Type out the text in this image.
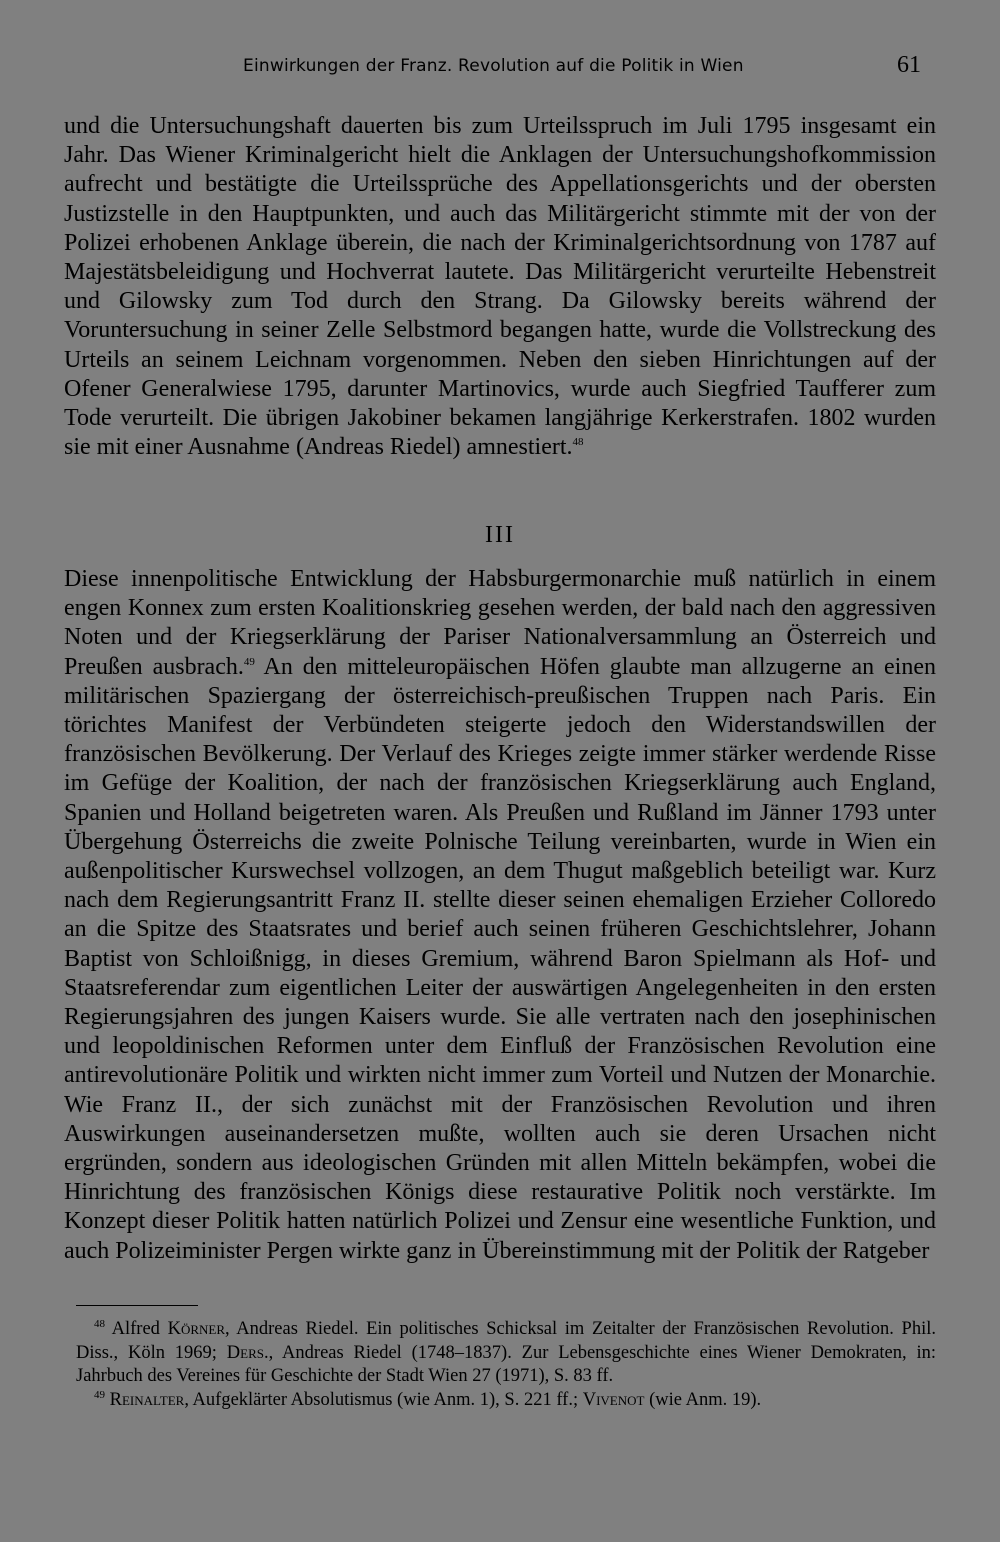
Einwirkungen der Franz. Revolution auf die Politik in Wien	61
und die Untersuchungshaft dauerten bis zum Urteilsspruch im Juli 1795 insgesamt ein Jahr. Das Wiener Kriminalgericht hielt die Anklagen der Untersuchungshofkommission aufrecht und bestätigte die Urteilssprüche des Appellationsgerichts und der obersten Justizstelle in den Hauptpunkten, und auch das Militärgericht stimmte mit der von der Polizei erhobenen Anklage überein, die nach der Kriminalgerichtsordnung von 1787 auf Majestätsbeleidigung und Hochverrat lautete. Das Militärgericht verurteilte Hebenstreit und Gilowsky zum Tod durch den Strang. Da Gilowsky bereits während der Voruntersuchung in seiner Zelle Selbstmord begangen hatte, wurde die Vollstreckung des Urteils an seinem Leichnam vorgenommen. Neben den sieben Hinrichtungen auf der Ofener Generalwiese 1795, darunter Martinovics, wurde auch Siegfried Taufferer zum Tode verurteilt. Die übrigen Jakobiner bekamen langjährige Kerkerstrafen. 1802 wurden sie mit einer Ausnahme (Andreas Riedel) amnestiert.$^{48}$
III
Diese innenpolitische Entwicklung der Habsburgermonarchie muß natürlich in einem engen Konnex zum ersten Koalitionskrieg gesehen werden, der bald nach den aggressiven Noten und der Kriegserklärung der Pariser Nationalversammlung an Österreich und Preußen ausbrach.$^{49}$ An den mitteleuropäischen Höfen glaubte man allzugerne an einen militärischen Spaziergang der österreichisch-preußischen Truppen nach Paris. Ein törichtes Manifest der Verbündeten steigerte jedoch den Widerstandswillen der französischen Bevölkerung. Der Verlauf des Krieges zeigte immer stärker werdende Risse im Gefüge der Koalition, der nach der französischen Kriegserklärung auch England, Spanien und Holland beigetreten waren. Als Preußen und Rußland im Jänner 1793 unter Übergehung Österreichs die zweite Polnische Teilung vereinbarten, wurde in Wien ein außenpolitischer Kurswechsel vollzogen, an dem Thugut maßgeblich beteiligt war. Kurz nach dem Regierungsantritt Franz II. stellte dieser seinen ehemaligen Erzieher Colloredo an die Spitze des Staatsrates und berief auch seinen früheren Geschichtslehrer, Johann Baptist von Schloißnigg, in dieses Gremium, während Baron Spielmann als Hof- und Staatsreferendar zum eigentlichen Leiter der auswärtigen Angelegenheiten in den ersten Regierungsjahren des jungen Kaisers wurde. Sie alle vertraten nach den josephinischen und leopoldinischen Reformen unter dem Einfluß der Französischen Revolution eine antirevolutionäre Politik und wirkten nicht immer zum Vorteil und Nutzen der Monarchie. Wie Franz II., der sich zunächst mit der Französischen Revolution und ihren Auswirkungen auseinandersetzen mußte, wollten auch sie deren Ursachen nicht ergründen, sondern aus ideologischen Gründen mit allen Mitteln bekämpfen, wobei die Hinrichtung des französischen Königs diese restaurative Politik noch verstärkte. Im Konzept dieser Politik hatten natürlich Polizei und Zensur eine wesentliche Funktion, und auch Polizeiminister Pergen wirkte ganz in Übereinstimmung mit der Politik der Ratgeber

$^{48}$ Alfred Körner, Andreas Riedel. Ein politisches Schicksal im Zeitalter der Französischen Revolution. Phil. Diss., Köln 1969; Ders., Andreas Riedel (1748–1837). Zur Lebensgeschichte eines Wiener Demokraten, in: Jahrbuch des Vereines für Geschichte der Stadt Wien 27 (1971), S. 83 ff.

$^{49}$ Reinalter, Aufgeklärter Absolutismus (wie Anm. 1), S. 221 ff.; Vivenot (wie Anm. 19).
